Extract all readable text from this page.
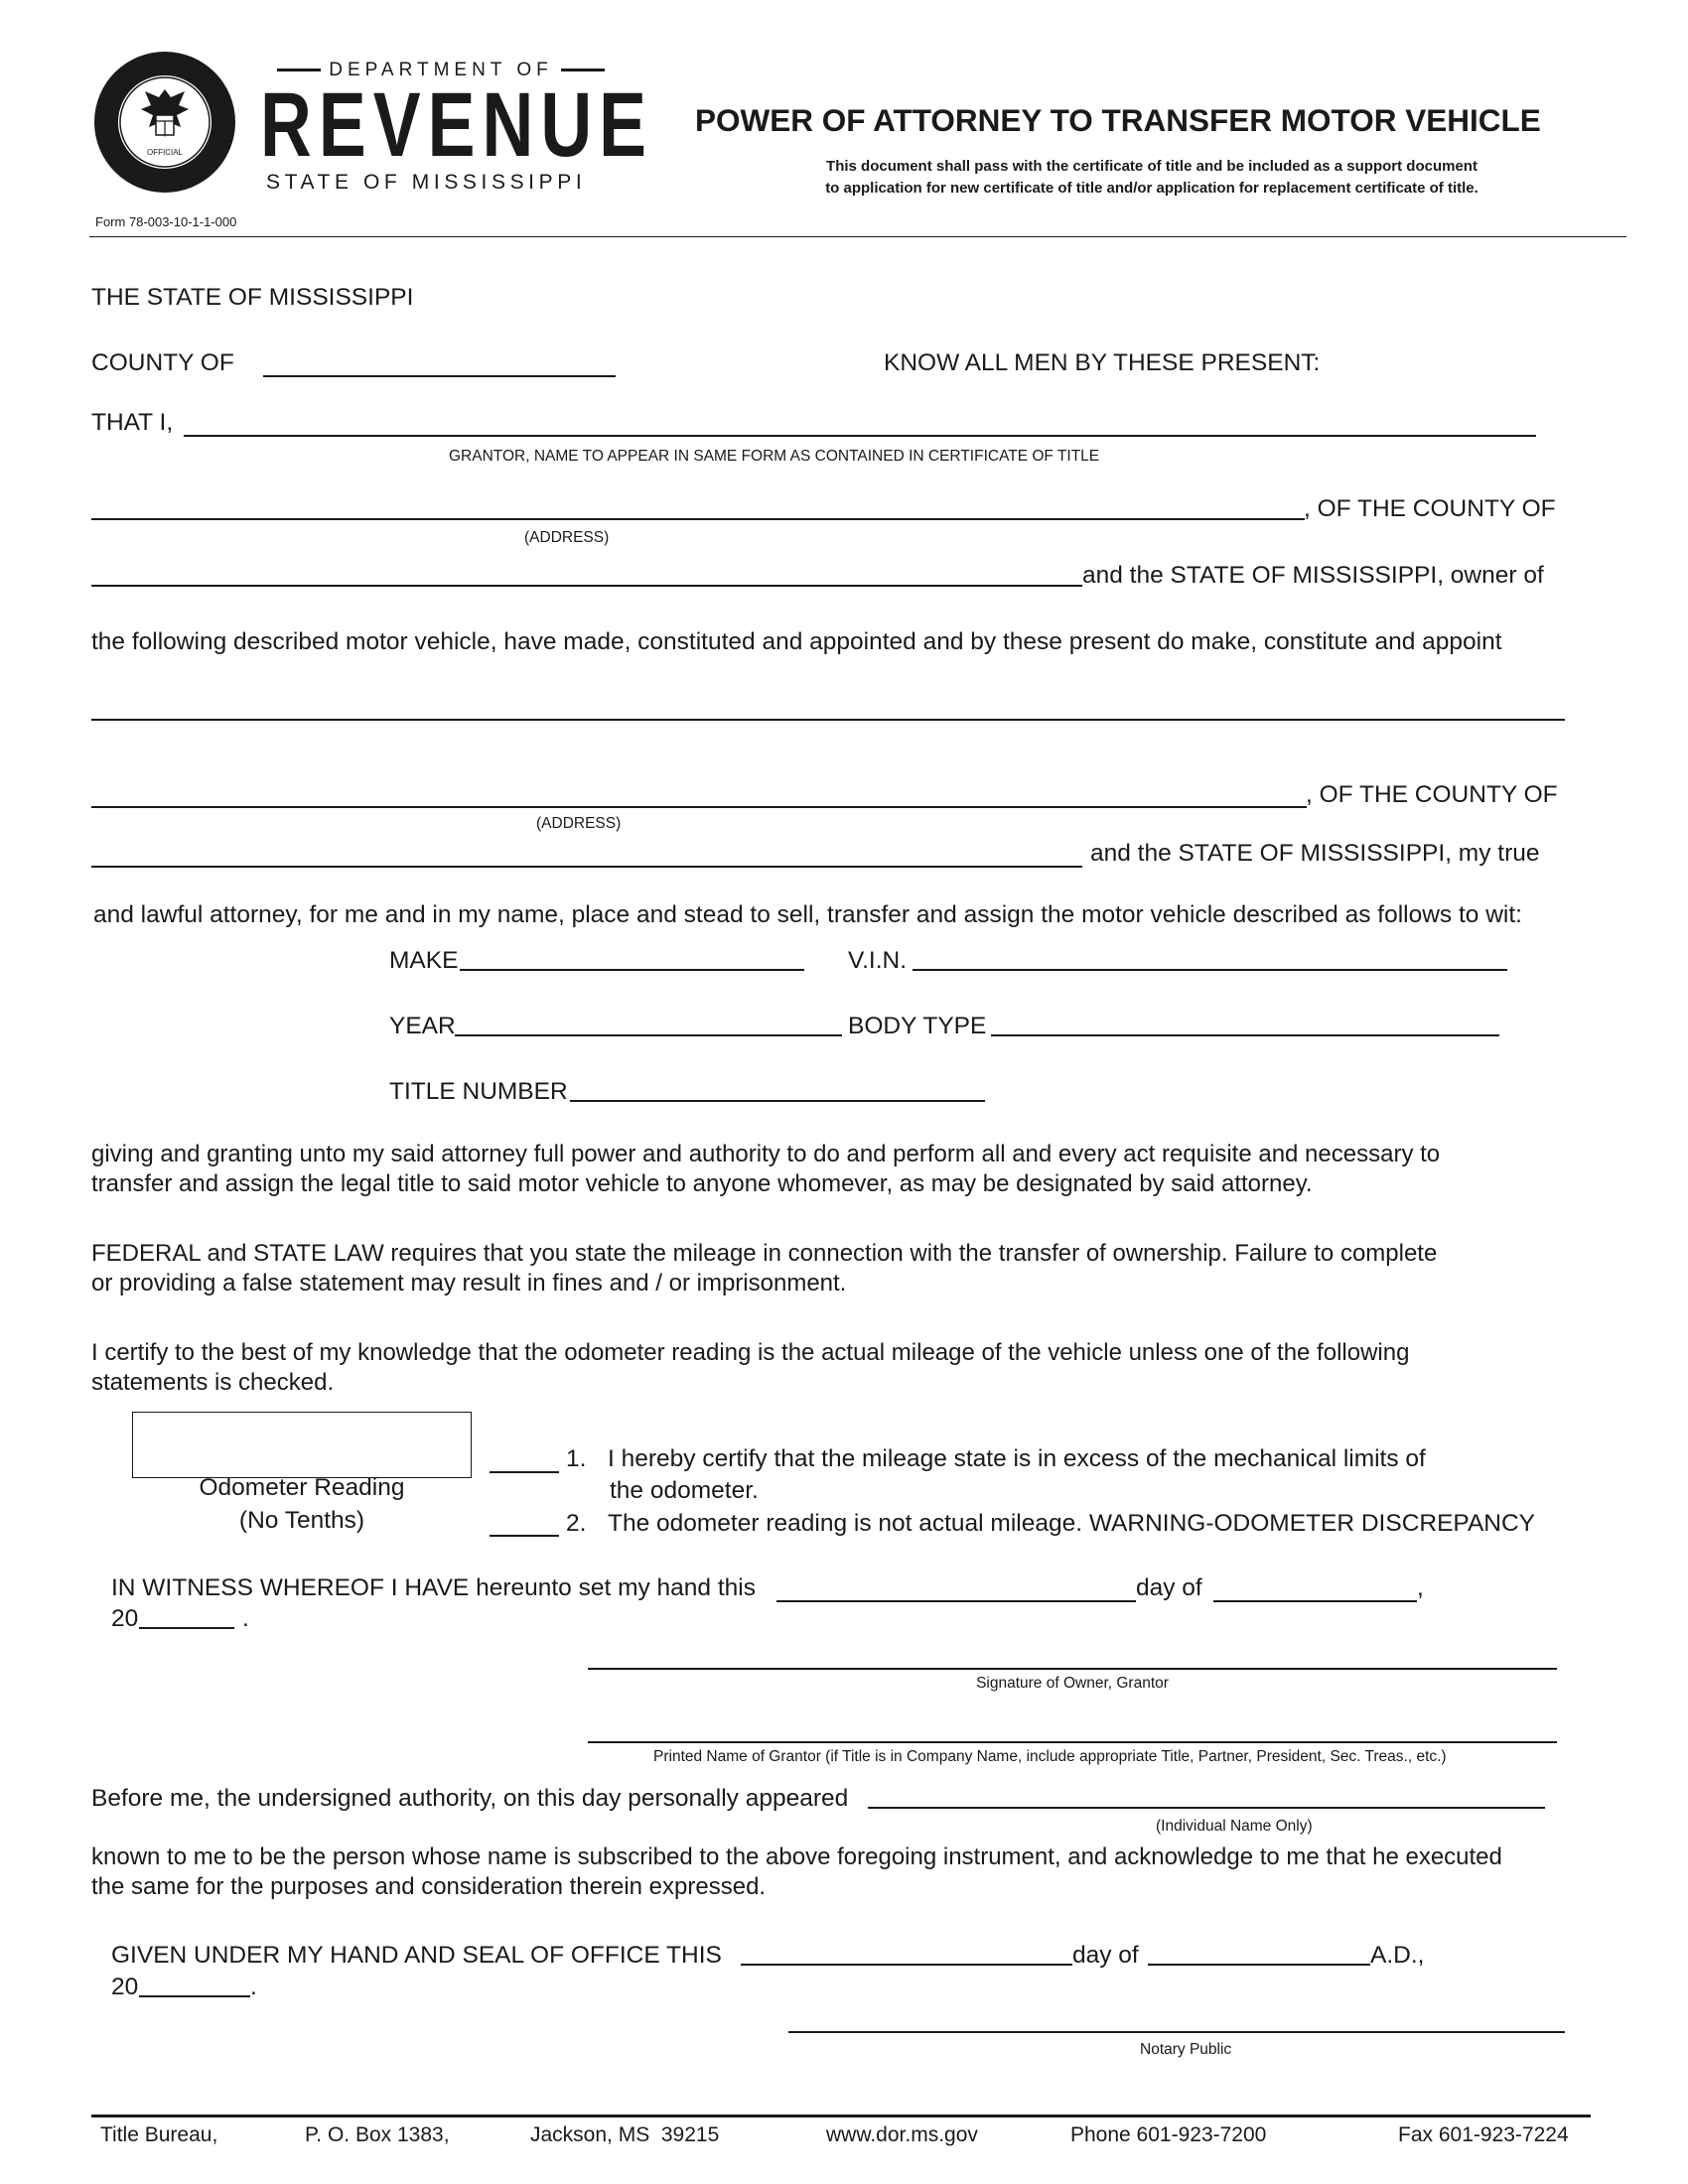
OFFICIAL
DEPARTMENT OF
REVENUE
STATE OF MISSISSIPPI
Form 78-003-10-1-1-000
POWER OF ATTORNEY TO TRANSFER MOTOR VEHICLE
This document shall pass with the certificate of title and be included as a support document
to application for new certificate of title and/or application for replacement certificate of title.
THE STATE OF MISSISSIPPI
COUNTY OF	KNOW ALL MEN BY THESE PRESENT:
THAT I,
GRANTOR, NAME TO APPEAR IN SAME FORM AS CONTAINED IN CERTIFICATE OF TITLE
, OF THE COUNTY OF
(ADDRESS)
and the STATE OF MISSISSIPPI, owner of
the following described motor vehicle, have made, constituted and appointed and by these present do make, constitute and appoint
, OF THE COUNTY OF
(ADDRESS)
and the STATE OF MISSISSIPPI, my true
and lawful attorney, for me and in my name, place and stead to sell, transfer and assign the motor vehicle described as follows to wit:
MAKE	V.I.N.
YEAR	BODY TYPE
TITLE NUMBER
giving and granting unto my said attorney full power and authority to do and perform all and every act requisite and necessary to
transfer and assign the legal title to said motor vehicle to anyone whomever, as may be designated by said attorney.
FEDERAL and STATE LAW requires that you state the mileage in connection with the transfer of ownership. Failure to complete
or providing a false statement may result in fines and / or imprisonment.
I certify to the best of my knowledge that the odometer reading is the actual mileage of the vehicle unless one of the following
statements is checked.
Odometer Reading
(No Tenths)
1. I hereby certify that the mileage state is in excess of the mechanical limits of
the odometer.
2. The odometer reading is not actual mileage. WARNING-ODOMETER DISCREPANCY
IN WITNESS WHEREOF I HAVE hereunto set my hand this	day of	,
20	.
Signature of Owner, Grantor
Printed Name of Grantor (if Title is in Company Name, include appropriate Title, Partner, President, Sec. Treas., etc.)
Before me, the undersigned authority, on this day personally appeared
(Individual Name Only)
known to me to be the person whose name is subscribed to the above foregoing instrument, and acknowledge to me that he executed
the same for the purposes and consideration therein expressed.
GIVEN UNDER MY HAND AND SEAL OF OFFICE THIS	day of	A.D.,
20	.
Notary Public
Title Bureau,	P. O. Box 1383,	Jackson, MS  39215	www.dor.ms.gov	Phone 601-923-7200	Fax 601-923-7224
